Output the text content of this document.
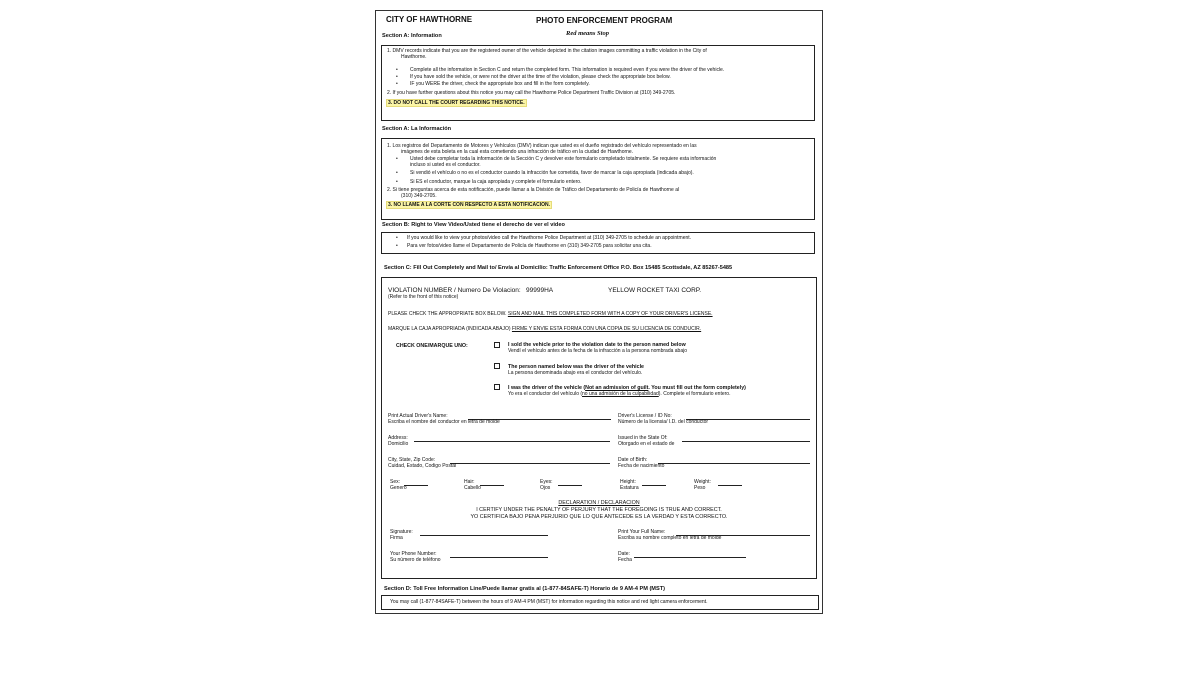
CITY OF HAWTHORNE	PHOTO ENFORCEMENT PROGRAM
Red means Stop
Section A: Information
1. DMV records indicate that you are the registered owner of the vehicle depicted in the citation images committing a traffic violation in the City of
Hawthorne.
• Complete all the information in Section C and return the completed form. This information is required even if you were the driver of the vehicle.
• If you have sold the vehicle, or were not the driver at the time of the violation, please check the appropriate box below.
• IF you WERE the driver, check the appropriate box and fill in the form completely.
2. If you have further questions about this notice you may call the Hawthorne Police Department Traffic Division at (310) 349-2705.
3. DO NOT CALL THE COURT REGARDING THIS NOTICE.
Section A: La Información
1. Los registros del Departamento de Motores y Vehículos (DMV) indican que usted es el dueño registrado del vehículo representado en las
imágenes de esta boleta en la cual esta cometiendo una infracción de tráfico en la ciudad de Hawthorne.
• Usted debe completar toda la información de la Sección C y devolver este formulario completado totalmente. Se requiere esta información
incluso si usted es el conductor.
• Si vendió el vehículo o no es el conductor cuando la infracción fue cometida, favor de marcar la caja apropiada (indicada abajo).
• Si ES el conductor, marque la caja apropiada y complete el formulario entero.
2. Si tiene preguntas acerca de esta notificación, puede llamar a la División de Tráfico del Departamento de Policía de Hawthorne al
(310) 349-2705.
3. NO LLAME A LA CORTE CON RESPECTO A ESTA NOTIFICACION.
Section B: Right to View Video/Usted tiene el derecho de ver el video
• If you would like to view your photos/video call the Hawthorne Police Department at (310) 349-2705 to schedule an appointment.
• Para ver fotos/video llame el Departamento de Policía de Hawthorne en (310) 349-2705 para solicitar una cita.
Section C: Fill Out Completely and Mail to/ Envía al Domicilio: Traffic Enforcement Office P.O. Box 15485 Scottsdale, AZ 85267-5485
VIOLATION NUMBER / Numero De Violacion: 99999HA	YELLOW ROCKET TAXI CORP.
(Refer to the front of this notice)
PLEASE CHECK THE APPROPRIATE BOX BELOW. SIGN AND MAIL THIS COMPLETED FORM WITH A COPY OF YOUR DRIVER'S LICENSE.
MARQUE LA CAJA APROPRIADA (INDICADA ABAJO) FIRME Y ENVIE ESTA FORMA CON UNA COPIA DE SU LICENCIA DE CONDUCIR.
CHECK ONE/MARQUE UNO:	I sold the vehicle prior to the violation date to the person named below
Vendí el vehículo antes de la fecha de la infracción a la persona nombrada abajo
The person named below was the driver of the vehicle
La persona denominada abajo era el conductor del vehículo.
I was the driver of the vehicle (Not an admission of guilt. You must fill out the form completely)
Yo era el conductor del vehículo (no una admisión de la culpabilidad). Complete el formulario entero.
Print Actual Driver's Name:
Escriba el nombre del conductor en letra de molde
Driver's License / ID No:
Número de la licensia/ I.D. del conductor
Address:
Domicilio
Issued in the State Of:
Otorgado en el estado de
City, State, Zip Code:
Cuidad, Estado, Codigo Postal
Date of Birth:
Fecha de nacimiento
Sex:
Genero
Hair:
Cabello
Eyes:
Ojos
Height:
Estatura
Weight:
Peso
DECLARATION / DECLARACION
I CERTIFY UNDER THE PENALTY OF PERJURY THAT THE FOREGOING IS TRUE AND CORRECT.
YO CERTIFICA BAJO PENA PERJURIO QUE LO QUE ANTECEDE ES LA VERDAD Y ESTA CORRECTO.
Signature:
Firma
Print Your Full Name:
Escriba su nombre completo en letra de molde
Your Phone Number:
Su número de teléfono
Date:
Fecha
Section D: Toll Free Information Line/Puede llamar gratis al (1-877-84SAFE-T) Horario de 9 AM-4 PM (MST)
You may call (1-877-84SAFE-T) between the hours of 9 AM-4 PM (MST) for information regarding this notice and red light camera enforcement.
